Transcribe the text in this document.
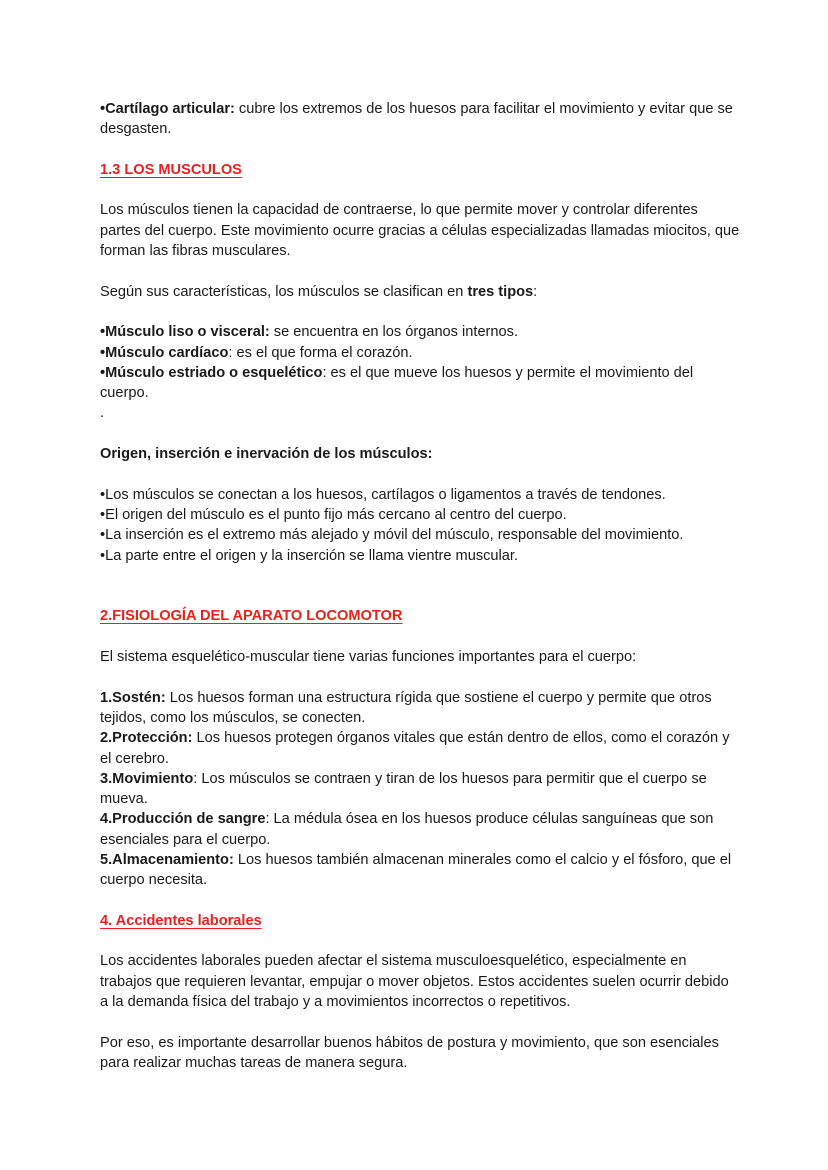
•Cartílago articular: cubre los extremos de los huesos para facilitar el movimiento y evitar que se desgasten.

1.3 LOS MUSCULOS

Los músculos tienen la capacidad de contraerse, lo que permite mover y controlar diferentes partes del cuerpo. Este movimiento ocurre gracias a células especializadas llamadas miocitos, que forman las fibras musculares.

Según sus características, los músculos se clasifican en tres tipos:

•Músculo liso o visceral: se encuentra en los órganos internos.

•Músculo cardíaco: es el que forma el corazón.

•Músculo estriado o esquelético: es el que mueve los huesos y permite el movimiento del cuerpo.

.

Origen, inserción e inervación de los músculos:

•Los músculos se conectan a los huesos, cartílagos o ligamentos a través de tendones.

•El origen del músculo es el punto fijo más cercano al centro del cuerpo.

•La inserción es el extremo más alejado y móvil del músculo, responsable del movimiento.

•La parte entre el origen y la inserción se llama vientre muscular.

2.FISIOLOGÍA DEL APARATO LOCOMOTOR

El sistema esquelético-muscular tiene varias funciones importantes para el cuerpo:

1.Sostén: Los huesos forman una estructura rígida que sostiene el cuerpo y permite que otros tejidos, como los músculos, se conecten.

2.Protección: Los huesos protegen órganos vitales que están dentro de ellos, como el corazón y el cerebro.

3.Movimiento: Los músculos se contraen y tiran de los huesos para permitir que el cuerpo se mueva.

4.Producción de sangre: La médula ósea en los huesos produce células sanguíneas que son esenciales para el cuerpo.

5.Almacenamiento: Los huesos también almacenan minerales como el calcio y el fósforo, que el cuerpo necesita.

4. Accidentes laborales

Los accidentes laborales pueden afectar el sistema musculoesquelético, especialmente en trabajos que requieren levantar, empujar o mover objetos. Estos accidentes suelen ocurrir debido a la demanda física del trabajo y a movimientos incorrectos o repetitivos.

Por eso, es importante desarrollar buenos hábitos de postura y movimiento, que son esenciales para realizar muchas tareas de manera segura.
